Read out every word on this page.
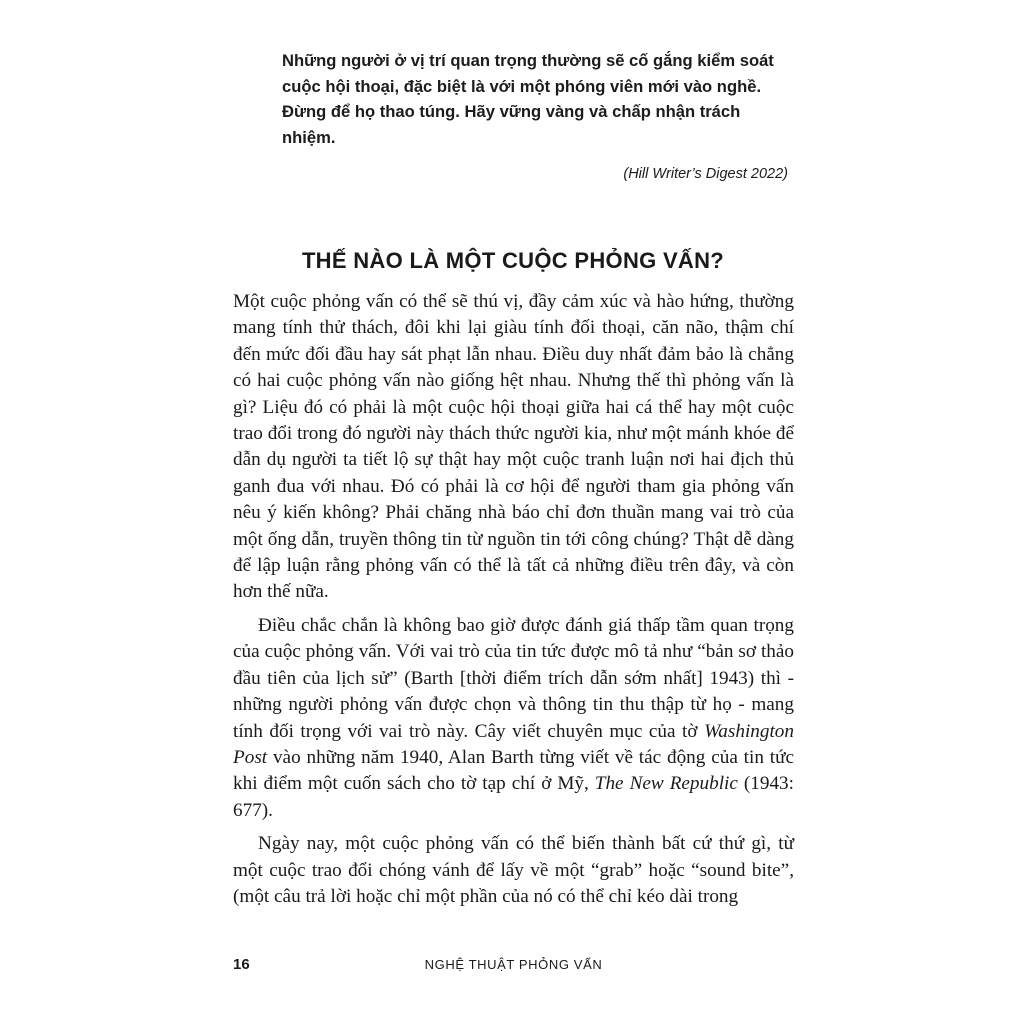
Những người ở vị trí quan trọng thường sẽ cố gắng kiểm soát cuộc hội thoại, đặc biệt là với một phóng viên mới vào nghề. Đừng để họ thao túng. Hãy vững vàng và chấp nhận trách nhiệm.

(Hill Writer’s Digest 2022)

THẾ NÀO LÀ MỘT CUỘC PHỎNG VẤN?

Một cuộc phỏng vấn có thể sẽ thú vị, đầy cảm xúc và hào hứng, thường mang tính thử thách, đôi khi lại giàu tính đối thoại, căn não, thậm chí đến mức đối đầu hay sát phạt lẫn nhau. Điều duy nhất đảm bảo là chẳng có hai cuộc phỏng vấn nào giống hệt nhau. Nhưng thế thì phỏng vấn là gì? Liệu đó có phải là một cuộc hội thoại giữa hai cá thể hay một cuộc trao đổi trong đó người này thách thức người kia, như một mánh khóe để dẫn dụ người ta tiết lộ sự thật hay một cuộc tranh luận nơi hai địch thủ ganh đua với nhau. Đó có phải là cơ hội để người tham gia phỏng vấn nêu ý kiến không? Phải chăng nhà báo chỉ đơn thuần mang vai trò của một ống dẫn, truyền thông tin từ nguồn tin tới công chúng? Thật dễ dàng để lập luận rằng phỏng vấn có thể là tất cả những điều trên đây, và còn hơn thế nữa.

Điều chắc chắn là không bao giờ được đánh giá thấp tầm quan trọng của cuộc phỏng vấn. Với vai trò của tin tức được mô tả như “bản sơ thảo đầu tiên của lịch sử” (Barth [thời điểm trích dẫn sớm nhất] 1943) thì - những người phỏng vấn được chọn và thông tin thu thập từ họ - mang tính đối trọng với vai trò này. Cây viết chuyên mục của tờ Washington Post vào những năm 1940, Alan Barth từng viết về tác động của tin tức khi điểm một cuốn sách cho tờ tạp chí ở Mỹ, The New Republic (1943: 677).

Ngày nay, một cuộc phỏng vấn có thể biến thành bất cứ thứ gì, từ một cuộc trao đổi chóng vánh để lấy về một “grab” hoặc “sound bite”, (một câu trả lời hoặc chỉ một phần của nó có thể chỉ kéo dài trong

16	NGHỆ THUẬT PHỎNG VẤN
